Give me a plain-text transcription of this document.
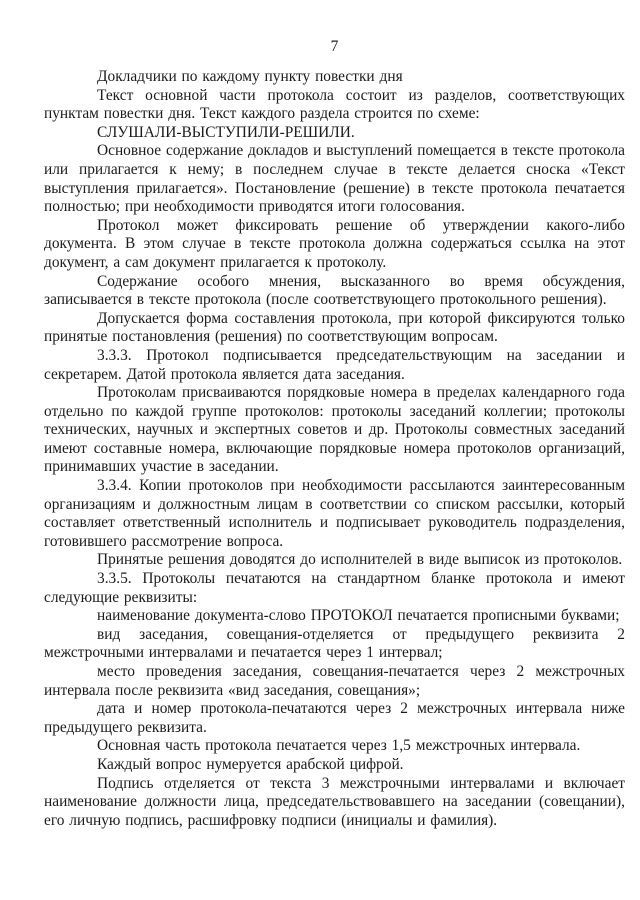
7

Докладчики по каждому пункту повестки дня

Текст основной части протокола состоит из разделов, соответствующих пунктам повестки дня. Текст каждого раздела строится по схеме:

СЛУШАЛИ-ВЫСТУПИЛИ-РЕШИЛИ.

Основное содержание докладов и выступлений помещается в тексте протокола или прилагается к нему; в последнем случае в тексте делается сноска «Текст выступления прилагается». Постановление (решение) в тексте протокола печатается полностью; при необходимости приводятся итоги голосования.

Протокол может фиксировать решение об утверждении какого-либо документа. В этом случае в тексте протокола должна содержаться ссылка на этот документ, а сам документ прилагается к протоколу.

Содержание особого мнения, высказанного во время обсуждения, записывается в тексте протокола (после соответствующего протокольного решения).

Допускается форма составления протокола, при которой фиксируются только принятые постановления (решения) по соответствующим вопросам.

3.3.3. Протокол подписывается председательствующим на заседании и секретарем. Датой протокола является дата заседания.

Протоколам присваиваются порядковые номера в пределах календарного года отдельно по каждой группе протоколов: протоколы заседаний коллегии; протоколы технических, научных и экспертных советов и др. Протоколы совместных заседаний имеют составные номера, включающие порядковые номера протоколов организаций, принимавших участие в заседании.

3.3.4. Копии протоколов при необходимости рассылаются заинтересованным организациям и должностным лицам в соответствии со списком рассылки, который составляет ответственный исполнитель и подписывает руководитель подразделения, готовившего рассмотрение вопроса.

Принятые решения доводятся до исполнителей в виде выписок из протоколов.

3.3.5. Протоколы печатаются на стандартном бланке протокола и имеют следующие реквизиты:

наименование документа-слово ПРОТОКОЛ печатается прописными буквами;

вид заседания, совещания-отделяется от предыдущего реквизита 2 межстрочными интервалами и печатается через 1 интервал;

место проведения заседания, совещания-печатается через 2 межстрочных интервала после реквизита «вид заседания, совещания»;

дата и номер протокола-печатаются через 2 межстрочных интервала ниже предыдущего реквизита.

Основная часть протокола печатается через 1,5 межстрочных интервала.

Каждый вопрос нумеруется арабской цифрой.

Подпись отделяется от текста 3 межстрочными интервалами и включает наименование должности лица, председательствовавшего на заседании (совещании), его личную подпись, расшифровку подписи (инициалы и фамилия).
